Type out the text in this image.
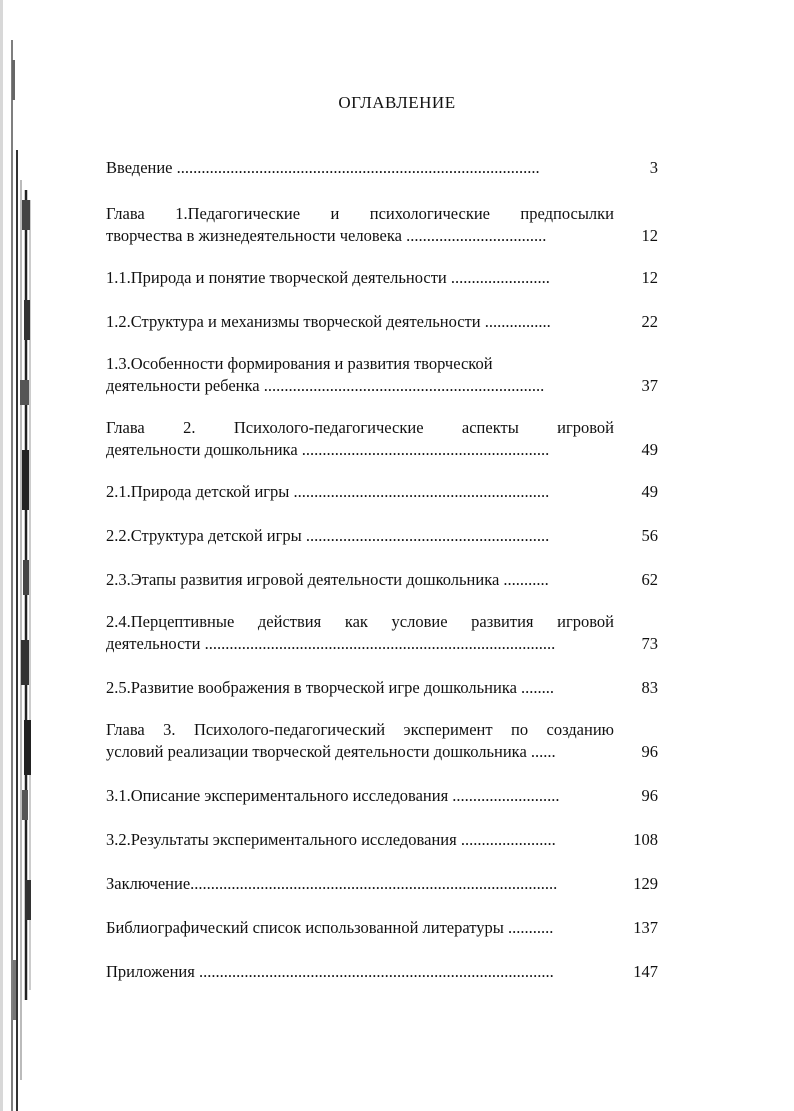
ОГЛАВЛЕНИЕ
Введение ........................................................................................	3
Глава 1.Педагогические и психологические предпосылки
творчества в жизнедеятельности человека ..................................	12
1.1.Природа и понятие творческой деятельности ........................	12
1.2.Структура и механизмы творческой деятельности ................	22
1.3.Особенности формирования и развития творческой
деятельности ребенка ....................................................................	37
Глава 2. Психолого-педагогические аспекты игровой
деятельности дошкольника ............................................................	49
2.1.Природа детской игры ..............................................................	49
2.2.Структура детской игры ...........................................................	56
2.3.Этапы развития игровой деятельности дошкольника ...........	62
2.4.Перцептивные действия как условие развития игровой
деятельности .....................................................................................	73
2.5.Развитие воображения в творческой игре дошкольника ........	83
Глава 3. Психолого-педагогический эксперимент по созданию
условий реализации творческой деятельности дошкольника ......	96
3.1.Описание экспериментального исследования ..........................	96
3.2.Результаты экспериментального исследования .......................	108
Заключение.........................................................................................	129
Библиографический список использованной литературы ...........	137
Приложения ......................................................................................	147
